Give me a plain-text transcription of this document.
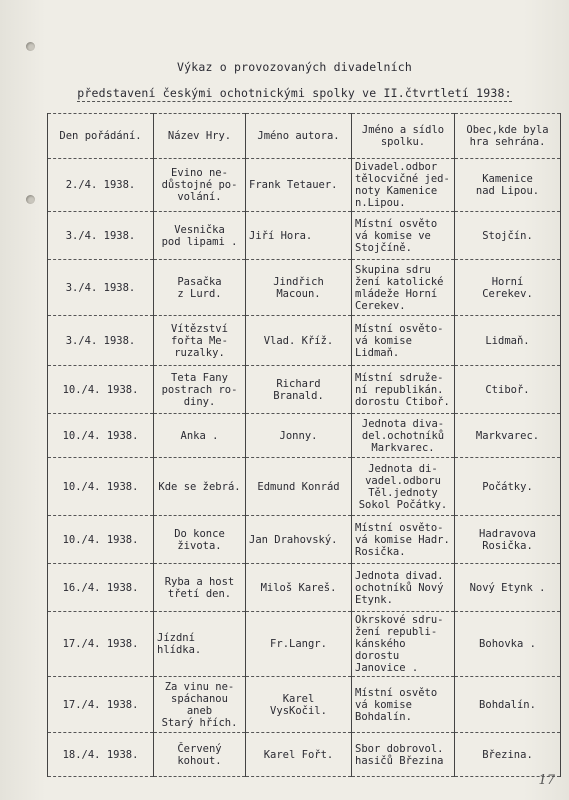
Výkaz o provozovaných divadelních
představení českými ochotnickými spolky ve II.čtvrtletí 1938:
Den pořádání.	Název Hry.	Jméno autora.	Jméno a sídlo
spolku.	Obec,kde byla
hra sehrána.
2./4. 1938.	Evino ne-
důstojné po-
volání.	Frank Tetauer.	Divadel.odbor
tělocvičné jed-
noty Kamenice
n.Lipou.	Kamenice
nad Lipou.
3./4. 1938.	Vesnička
pod lipami .	Jiří Hora.	Místní osvěto
vá komise ve
Stojčíně.	Stojčín.
3./4. 1938.	Pasačka
z Lurd.	Jindřich
Macoun.	Skupina sdru
žení katolické
mládeže Horní
Cerekev.	Horní
Cerekev.
3./4. 1938.	Vítězství
fořta Me-
ruzalky.	Vlad. Kříž.	Místní osvěto-
vá komise
Lidmaň.	Lidmaň.
10./4. 1938.	Teta Fany
postrach ro-
diny.	Richard
Branald.	Místní sdruže-
ní republikán.
dorostu Ctiboř.	Ctiboř.
10./4. 1938.	Anka .	Jonny.	Jednota diva-
del.ochotníků
Markvarec.	Markvarec.
10./4. 1938.	Kde se žebrá.	Edmund Konrád	Jednota di-
vadel.odboru
Těl.jednoty
Sokol Počátky.	Počátky.
10./4. 1938.	Do konce
života.	Jan Drahovský.	Místní osvěto-
vá komise Hadr.
Rosička.	Hadravova
Rosička.
16./4. 1938.	Ryba a host
třetí den.	Miloš Kareš.	Jednota divad.
ochotníků Nový
Etynk.	Nový Etynk .
17./4. 1938.	Jízdní hlídka.	Fr.Langr.	Okrskové sdru-
žení republi-
kánského dorostu
Janovice .	Bohovka .
17./4. 1938.	Za vinu ne-
spáchanou
aneb
Starý hřích.	Karel
VysKočil.	Místní osvěto
vá komise
Bohdalín.	Bohdalín.
18./4. 1938.	Červený
kohout.	Karel Fořt.	Sbor dobrovol.
hasičů Březina	Březina.
17
